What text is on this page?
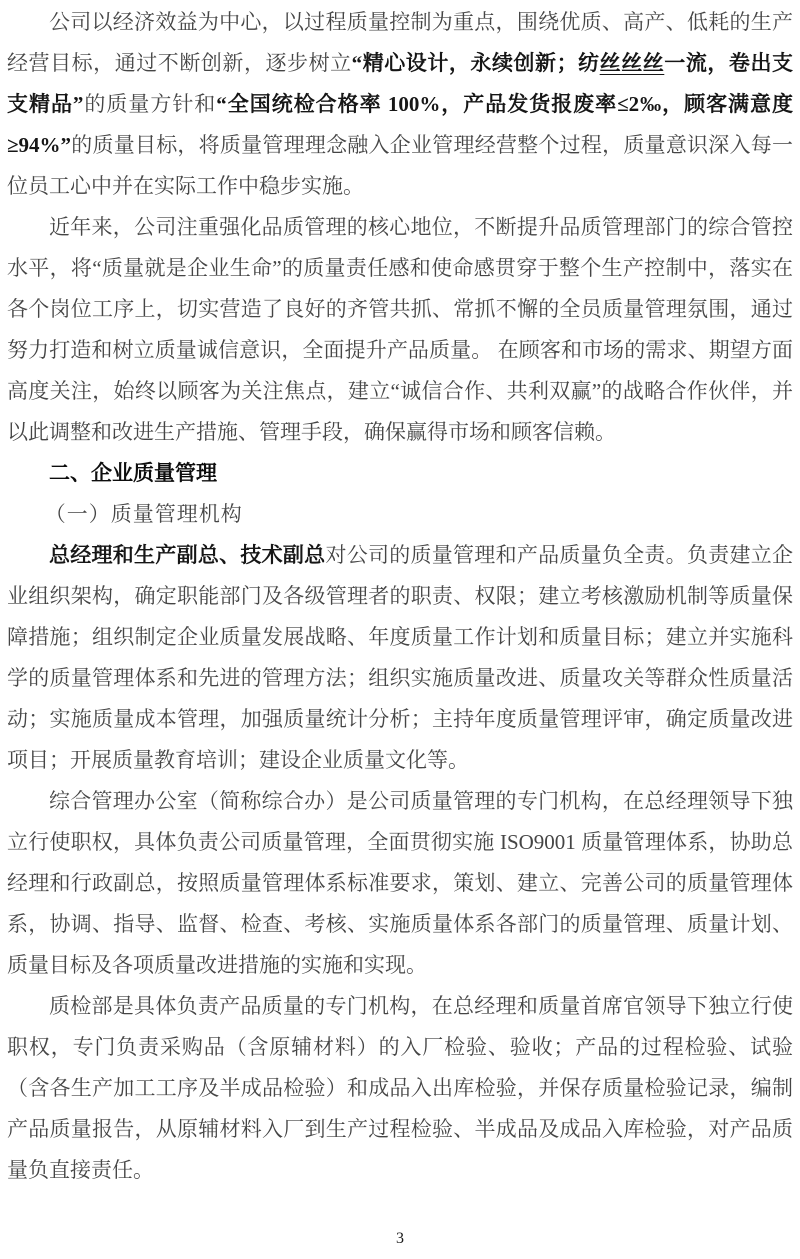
公司以经济效益为中心，以过程质量控制为重点，围绕优质、高产、低耗的生产经营目标，通过不断创新，逐步树立“精心设计，永续创新；纺丝丝丝一流，卷出支支精品”的质量方针和“全国统检合格率 100%，产品发货报废率≤2‰，顾客满意度≥94%”的质量目标，将质量管理理念融入企业管理经营整个过程，质量意识深入每一位员工心中并在实际工作中稳步实施。

近年来，公司注重强化品质管理的核心地位，不断提升品质管理部门的综合管控水平，将“质量就是企业生命”的质量责任感和使命感贯穿于整个生产控制中，落实在各个岗位工序上，切实营造了良好的齐管共抓、常抓不懈的全员质量管理氛围，通过努力打造和树立质量诚信意识，全面提升产品质量。 在顾客和市场的需求、期望方面高度关注，始终以顾客为关注焦点，建立“诚信合作、共利双赢”的战略合作伙伴，并以此调整和改进生产措施、管理手段，确保赢得市场和顾客信赖。

二、企业质量管理

（一）质量管理机构

总经理和生产副总、技术副总对公司的质量管理和产品质量负全责。负责建立企业组织架构，确定职能部门及各级管理者的职责、权限；建立考核激励机制等质量保障措施；组织制定企业质量发展战略、年度质量工作计划和质量目标；建立并实施科学的质量管理体系和先进的管理方法；组织实施质量改进、质量攻关等群众性质量活动；实施质量成本管理，加强质量统计分析；主持年度质量管理评审，确定质量改进项目；开展质量教育培训；建设企业质量文化等。

综合管理办公室（简称综合办）是公司质量管理的专门机构，在总经理领导下独立行使职权，具体负责公司质量管理，全面贯彻实施 ISO9001 质量管理体系，协助总经理和行政副总，按照质量管理体系标准要求，策划、建立、完善公司的质量管理体系，协调、指导、监督、检查、考核、实施质量体系各部门的质量管理、质量计划、质量目标及各项质量改进措施的实施和实现。

质检部是具体负责产品质量的专门机构，在总经理和质量首席官领导下独立行使职权，专门负责采购品（含原辅材料）的入厂检验、验收；产品的过程检验、试验（含各生产加工工序及半成品检验）和成品入出库检验，并保存质量检验记录，编制产品质量报告，从原辅材料入厂到生产过程检验、半成品及成品入库检验，对产品质量负直接责任。

3
